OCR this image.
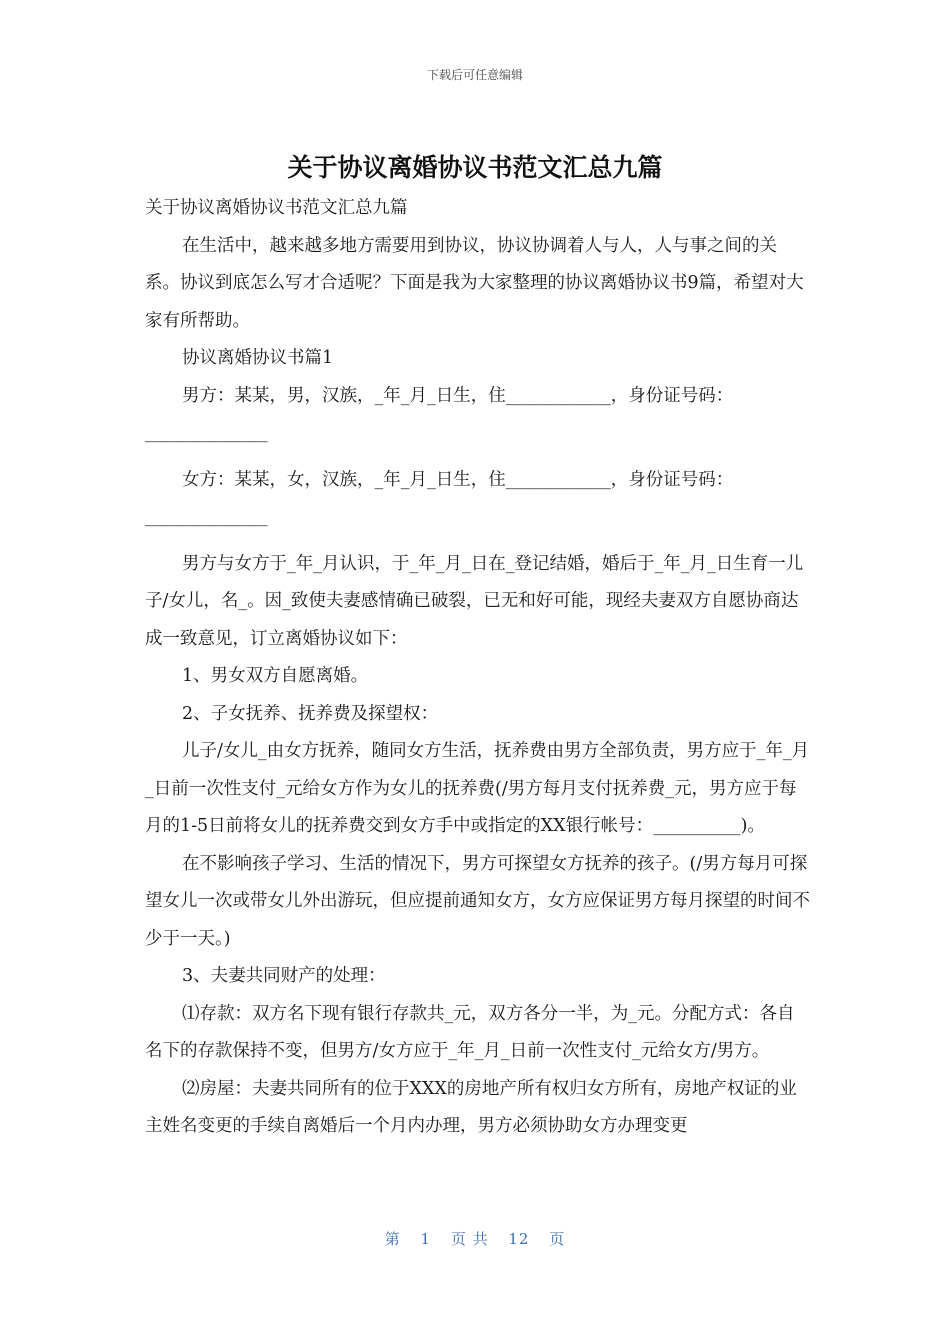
下载后可任意编辑
关于协议离婚协议书范文汇总九篇

关于协议离婚协议书范文汇总九篇

在生活中，越来越多地方需要用到协议，协议协调着人与人，人与事之间的关系。协议到底怎么写才合适呢？下面是我为大家整理的协议离婚协议书9篇，希望对大家有所帮助。

协议离婚协议书篇1

男方：某某，男，汉族，_年_月_日生，住____________，身份证号码：______________

女方：某某，女，汉族，_年_月_日生，住____________，身份证号码：______________

男方与女方于_年_月认识，于_年_月_日在_登记结婚，婚后于_年_月_日生育一儿子/女儿，名_。因_致使夫妻感情确已破裂，已无和好可能，现经夫妻双方自愿协商达成一致意见，订立离婚协议如下：

1、男女双方自愿离婚。

2、子女抚养、抚养费及探望权：

儿子/女儿_由女方抚养，随同女方生活，抚养费由男方全部负责，男方应于_年_月_日前一次性支付_元给女方作为女儿的抚养费(/男方每月支付抚养费_元，男方应于每月的1-5日前将女儿的抚养费交到女方手中或指定的XX银行帐号：__________)。

在不影响孩子学习、生活的情况下，男方可探望女方抚养的孩子。(/男方每月可探望女儿一次或带女儿外出游玩，但应提前通知女方，女方应保证男方每月探望的时间不少于一天。)

3、夫妻共同财产的处理：

⑴存款：双方名下现有银行存款共_元，双方各分一半，为_元。分配方式：各自名下的存款保持不变，但男方/女方应于_年_月_日前一次性支付_元给女方/男方。

⑵房屋：夫妻共同所有的位于XXX的房地产所有权归女方所有，房地产权证的业主姓名变更的手续自离婚后一个月内办理，男方必须协助女方办理变更

第 1 页 共 12 页
